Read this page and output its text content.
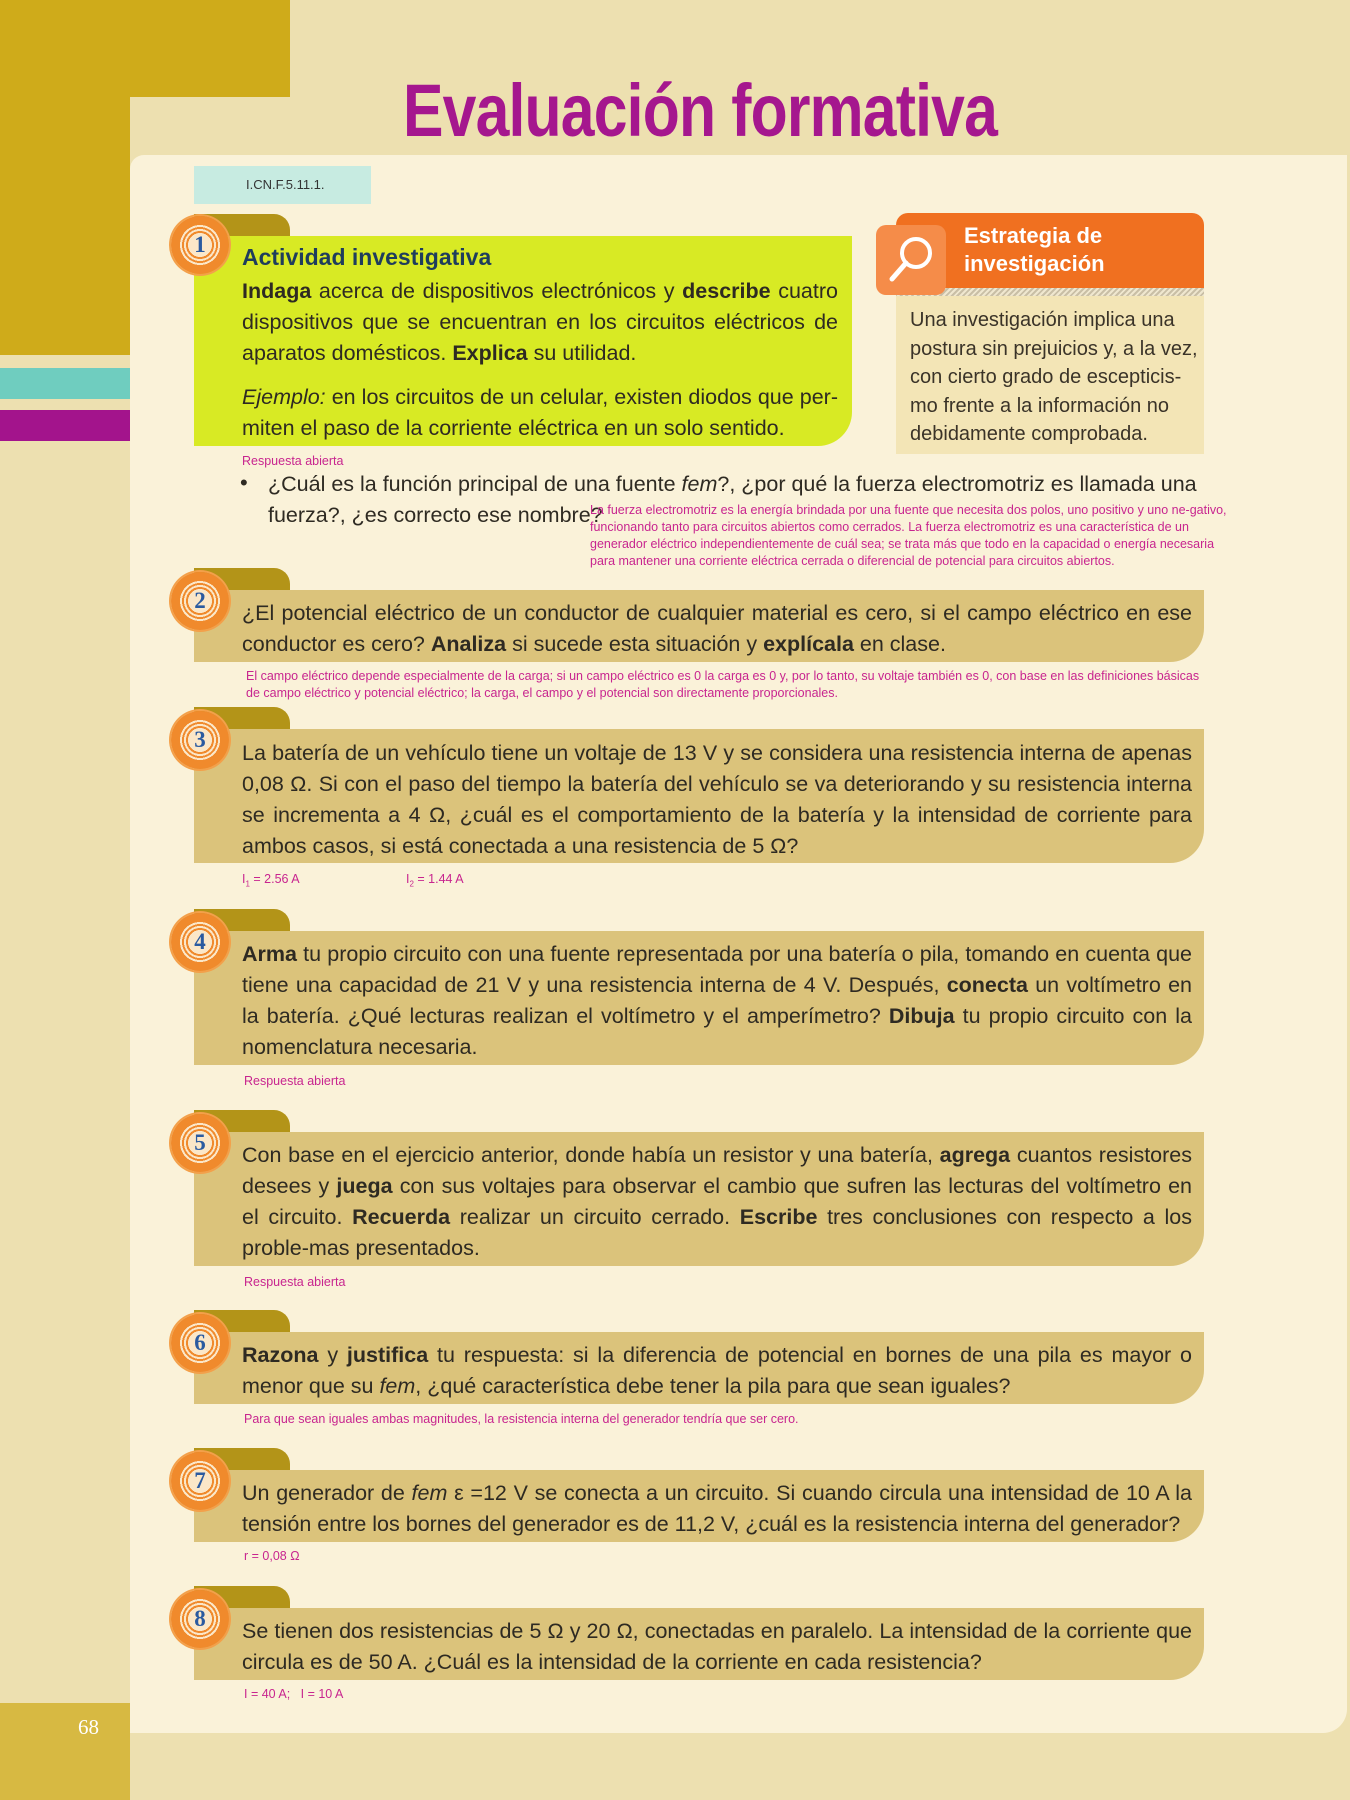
68
Evaluación formativa
I.CN.F.5.11.1.
1	Actividad investigativa
Indaga acerca de dispositivos electrónicos y describe cuatro dispositivos que se encuentran en los circuitos eléctricos de aparatos domésticos. Explica su utilidad.
Ejemplo: en los circuitos de un celular, existen diodos que per-miten el paso de la corriente eléctrica en un solo sentido.
Estrategia de
investigación
Una investigación implica una postura sin prejuicios y, a la vez, con cierto grado de escepticis-mo frente a la información no debidamente comprobada.
Respuesta abierta
• ¿Cuál es la función principal de una fuente fem?, ¿por qué la fuerza electromotriz es llamada una fuerza?, ¿es correcto ese nombre?
La fuerza electromotriz es la energía brindada por una fuente que necesita dos polos, uno positivo y uno ne-gativo, funcionando tanto para circuitos abiertos como cerrados. La fuerza electromotriz es una característica de un generador eléctrico independientemente de cuál sea; se trata más que todo en la capacidad o energía necesaria para mantener una corriente eléctrica cerrada o diferencial de potencial para circuitos abiertos.
2	¿El potencial eléctrico de un conductor de cualquier material es cero, si el campo eléctrico en ese conductor es cero? Analiza si sucede esta situación y explícala en clase.
El campo eléctrico depende especialmente de la carga; si un campo eléctrico es 0 la carga es 0 y, por lo tanto, su voltaje también es 0, con base en las definiciones básicas de campo eléctrico y potencial eléctrico; la carga, el campo y el potencial son directamente proporcionales.
3
La batería de un vehículo tiene un voltaje de 13 V y se considera una resistencia interna de apenas 0,08 Ω. Si con el paso del tiempo la batería del vehículo se va deteriorando y su resistencia interna se incrementa a 4 Ω, ¿cuál es el comportamiento de la batería y la intensidad de corriente para ambos casos, si está conectada a una resistencia de 5 Ω?
$I_1 = 2.56$ A	$I_2 = 1.44$ A
4	Arma tu propio circuito con una fuente representada por una batería o pila, tomando en cuenta que tiene una capacidad de 21 V y una resistencia interna de 4 V. Después, conecta un voltímetro en la batería. ¿Qué lecturas realizan el voltímetro y el amperímetro? Dibuja tu propio circuito con la nomenclatura necesaria.
Respuesta abierta
5	Con base en el ejercicio anterior, donde había un resistor y una batería, agrega cuantos resistores desees y juega con sus voltajes para observar el cambio que sufren las lecturas del voltímetro en el circuito. Recuerda realizar un circuito cerrado. Escribe tres conclusiones con respecto a los proble-mas presentados.
Respuesta abierta
6	Razona y justifica tu respuesta: si la diferencia de potencial en bornes de una pila es mayor o menor que su fem, ¿qué característica debe tener la pila para que sean iguales?
Para que sean iguales ambas magnitudes, la resistencia interna del generador tendría que ser cero.
7	Un generador de fem ε =12 V se conecta a un circuito. Si cuando circula una intensidad de 10 A la tensión entre los bornes del generador es de 11,2 V, ¿cuál es la resistencia interna del generador?
r = 0,08 Ω
8	Se tienen dos resistencias de 5 Ω y 20 Ω, conectadas en paralelo. La intensidad de la corriente que circula es de 50 A. ¿Cuál es la intensidad de la corriente en cada resistencia?
I = 40 A;   I = 10 A
